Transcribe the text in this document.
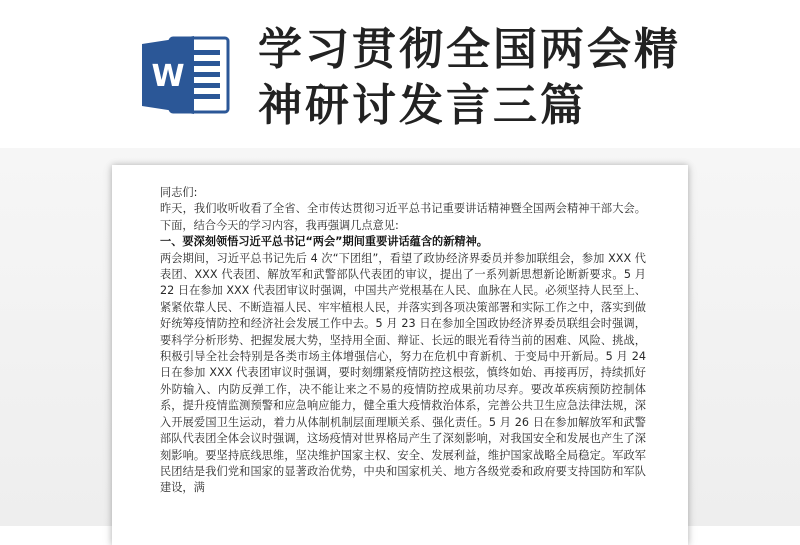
W
学习贯彻全国两会精
神研讨发言三篇

同志们:

昨天，我们收听收看了全省、全市传达贯彻习近平总书记重要讲话精神暨全国两会精神干部大会。下面，结合今天的学习内容，我再强调几点意见:

一、要深刻领悟习近平总书记“两会”期间重要讲话蕴含的新精神。

两会期间，习近平总书记先后 4 次“下团组”，看望了政协经济界委员并参加联组会，参加 XXX 代表团、XXX 代表团、解放军和武警部队代表团的审议，提出了一系列新思想新论断新要求。5 月 22 日在参加 XXX 代表团审议时强调，中国共产党根基在人民、血脉在人民。必须坚持人民至上、紧紧依靠人民、不断造福人民、牢牢植根人民，并落实到各项决策部署和实际工作之中，落实到做好统筹疫情防控和经济社会发展工作中去。5 月 23 日在参加全国政协经济界委员联组会时强调，要科学分析形势、把握发展大势，坚持用全面、辩证、长远的眼光看待当前的困难、风险、挑战，积极引导全社会特别是各类市场主体增强信心，努力在危机中育新机、于变局中开新局。5 月 24 日在参加 XXX 代表团审议时强调，要时刻绷紧疫情防控这根弦，慎终如始、再接再厉，持续抓好外防输入、内防反弹工作，决不能让来之不易的疫情防控成果前功尽弃。要改革疾病预防控制体系，提升疫情监测预警和应急响应能力，健全重大疫情救治体系，完善公共卫生应急法律法规，深入开展爱国卫生运动，着力从体制机制层面理顺关系、强化责任。5 月 26 日在参加解放军和武警部队代表团全体会议时强调，这场疫情对世界格局产生了深刻影响，对我国安全和发展也产生了深刻影响。要坚持底线思维，坚决维护国家主权、安全、发展利益，维护国家战略全局稳定。军政军民团结是我们党和国家的显著政治优势，中央和国家机关、地方各级党委和政府要支持国防和军队建设，满
